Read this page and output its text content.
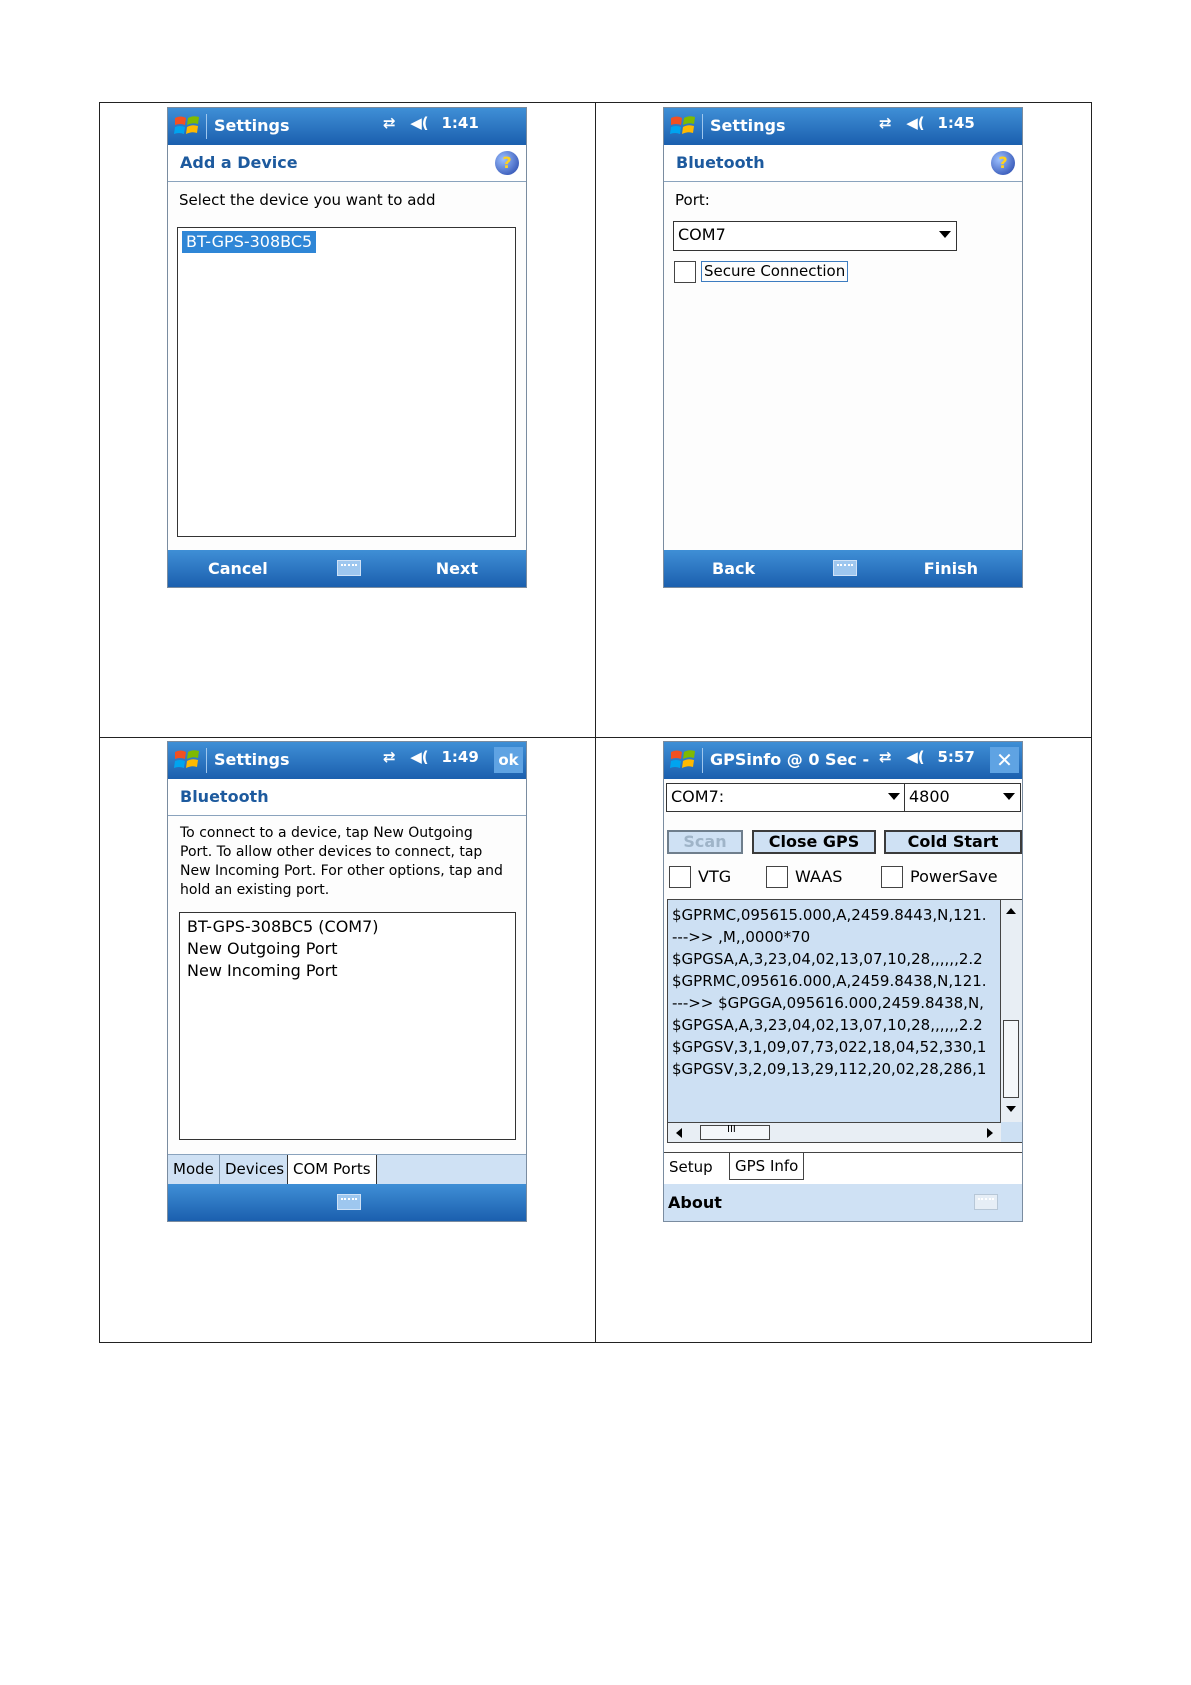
Settings	⇄ ◀︎( 1:41
Add a Device	?
Select the device you want to add
BT-GPS-308BC5
Cancel	Next
Settings	⇄ ◀︎( 1:45
Bluetooth	?
Port:
COM7
Secure Connection
Back	Finish
Settings	⇄ ◀︎( 1:49 ok
Bluetooth
To connect to a device, tap New Outgoing
Port. To allow other devices to connect, tap
New Incoming Port. For other options, tap and
hold an existing port.
BT-GPS-308BC5 (COM7)
New Outgoing Port
New Incoming Port
Mode Devices COM Ports
GPSinfo @ 0 Sec - ⇄ ◀︎( 5:57	✕
COM7:	4800
Scan	Close GPS	Cold Start
VTG	WAAS	PowerSave
$GPRMC,095615.000,A,2459.8443,N,121.
--->> ,M,,0000*70
$GPGSA,A,3,23,04,02,13,07,10,28,,,,,,2.2
$GPRMC,095616.000,A,2459.8438,N,121.
--->> $GPGGA,095616.000,2459.8438,N,
$GPGSA,A,3,23,04,02,13,07,10,28,,,,,,2.2
$GPGSV,3,1,09,07,73,022,18,04,52,330,1
$GPGSV,3,2,09,13,29,112,20,02,28,286,1
III
Setup	GPS Info
About
